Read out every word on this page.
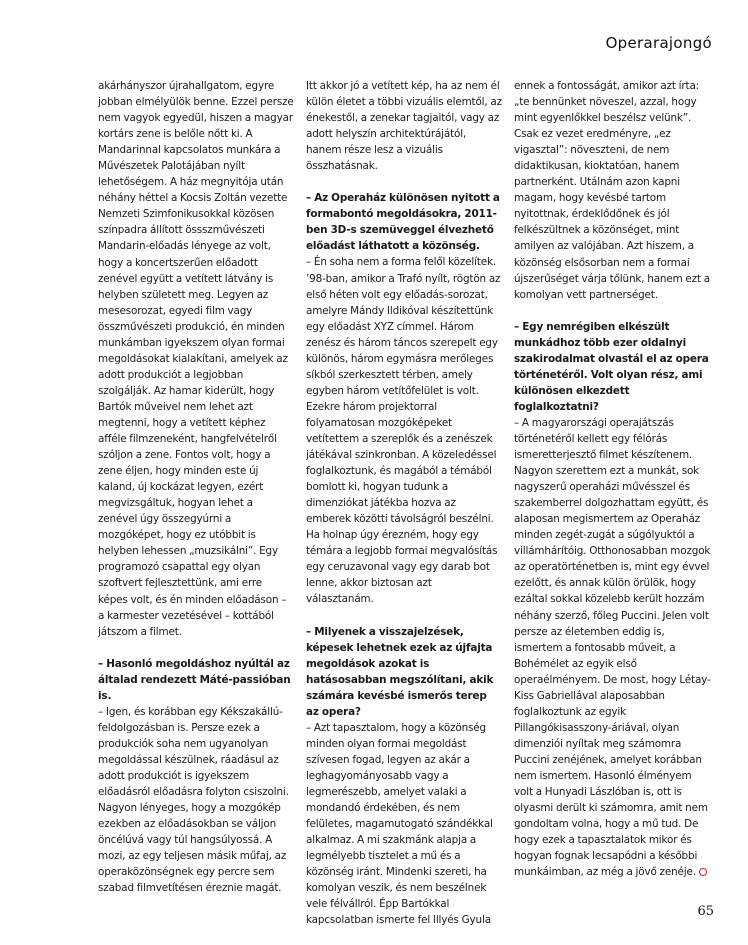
Operarajongó

akárhányszor újrahallgatom, egyre jobban elmélyülök benne. Ezzel persze nem vagyok egyedül, hiszen a magyar kortárs zene is belőle nőtt ki. A Mandarinnal kapcsolatos munkára a Művészetek Palotájában nyílt lehetőségem. A ház megnyitója után néhány héttel a Kocsis Zoltán vezette Nemzeti Szimfonikusokkal közösen színpadra állított össszművészeti Mandarin-előadás lényege az volt, hogy a koncertszerűen előadott zenével együtt a vetített látvány is helyben született meg. Legyen az mesesorozat, egyedi film vagy összművészeti produkció, én minden munkámban igyekszem olyan formai megoldásokat kialakítani, amelyek az adott produkciót a legjobban szolgálják. Az hamar kiderült, hogy Bartók műveivel nem lehet azt megtenni, hogy a vetített képhez afféle filmzeneként, hangfelvételről szóljon a zene. Fontos volt, hogy a zene éljen, hogy minden este új kaland, új kockázat legyen, ezért megvizsgáltuk, hogyan lehet a zenével úgy összegyúrni a mozgóképet, hogy ez utóbbit is helyben lehessen „muzsikálni”. Egy programozó csapattal egy olyan szoftvert fejlesztettünk, ami erre képes volt, és én minden előadáson – a karmester vezetésével – kottából játszom a filmet.

– Hasonló megoldáshoz nyúltál az általad rendezett Máté-passióban is.

– Igen, és korábban egy Kékszakállú-feldolgozásban is. Persze ezek a produkciók soha nem ugyanolyan megoldással készülnek, ráadásul az adott produkciót is igyekszem előadásról előadásra folyton csiszolni. Nagyon lényeges, hogy a mozgókép ezekben az előadásokban se váljon öncélúvá vagy túl hangsúlyossá. A mozi, az egy teljesen másik műfaj, az operaközönségnek egy percre sem szabad filmvetítésen éreznie magát.

Itt akkor jó a vetített kép, ha az nem él külön életet a többi vizuális elemtől, az énekestől, a zenekar tagjaitól, vagy az adott helyszín architektúrájától, hanem része lesz a vizuális összhatásnak.

– Az Operaház különösen nyitott a formabontó megoldásokra, 2011-ben 3D-s szemüveggel élvezhető előadást láthatott a közönség.

– Én soha nem a forma felől közelítek. ’98-ban, amikor a Trafó nyílt, rögtön az első héten volt egy előadás-sorozat, amelyre Mándy Ildikóval készítettünk egy előadást XYZ címmel. Három zenész és három táncos szerepelt egy különös, három egymásra merőleges síkból szerkesztett térben, amely egyben három vetítőfelület is volt. Ezekre három projektorral folyamatosan mozgóképeket vetítettem a szereplők és a zenészek játékával szinkronban. A közeledéssel foglalkoztunk, és magából a témából bomlott ki, hogyan tudunk a dimenziókat játékba hozva az emberek közötti távolságról beszélni. Ha holnap úgy érezném, hogy egy témára a legjobb formai megvalósítás egy ceruzavonal vagy egy darab bot lenne, akkor biztosan azt választanám.

– Milyenek a visszajelzések, képesek lehetnek ezek az újfajta megoldások azokat is hatásosabban megszólítani, akik számára kevésbé ismerős terep az opera?

– Azt tapasztalom, hogy a közönség minden olyan formai megoldást szívesen fogad, legyen az akár a leghagyományosabb vagy a legmerészebb, amelyet valaki a mondandó érdekében, és nem felületes, magamutogató szándékkal alkalmaz. A mi szakmánk alapja a legmélyebb tisztelet a mű és a közönség iránt. Mindenki szereti, ha komolyan veszik, és nem beszélnek vele félvállról. Épp Bartókkal kapcsolatban ismerte fel Illyés Gyula

ennek a fontosságát, amikor azt írta: „te bennünket növeszel, azzal, hogy mint egyenlőkkel beszélsz velünk”. Csak ez vezet eredményre, „ez vigasztal”: növeszteni, de nem didaktikusan, kioktatóan, hanem partnerként. Utálnám azon kapni magam, hogy kevésbé tartom nyitottnak, érdeklődőnek és jól felkészültnek a közönséget, mint amilyen az valójában. Azt hiszem, a közönség elsősorban nem a formai újszerűséget várja tőlünk, hanem ezt a komolyan vett partnerséget.

– Egy nemrégiben elkészült munkádhoz több ezer oldalnyi szakirodalmat olvastál el az opera történetéről. Volt olyan rész, ami különösen elkezdett foglalkoztatni?

– A magyarországi operajátszás történetéről kellett egy félórás ismeretterjesztő filmet készítenem. Nagyon szerettem ezt a munkát, sok nagyszerű operaházi művésszel és szakemberrel dolgozhattam együtt, és alaposan megismertem az Operaház minden zegét-zugát a súgólyuktól a villámhárítóig. Otthonosabban mozgok az operatörténetben is, mint egy évvel ezelőtt, és annak külön örülök, hogy ezáltal sokkal közelebb került hozzám néhány szerző, főleg Puccini. Jelen volt persze az életemben eddig is, ismertem a fontosabb műveit, a Bohémélet az egyik első operaélményem. De most, hogy Létay-Kiss Gabriellával alaposabban foglalkoztunk az egyik Pillangókisasszony-áriával, olyan dimenziói nyíltak meg számomra Puccini zenéjének, amelyet korábban nem ismertem. Hasonló élményem volt a Hunyadi Lászlóban is, ott is olyasmi derült ki számomra, amit nem gondoltam volna, hogy a mű tud. De hogy ezek a tapasztalatok mikor és hogyan fognak lecsapódni a későbbi munkáimban, az még a jövő zenéje.

65
